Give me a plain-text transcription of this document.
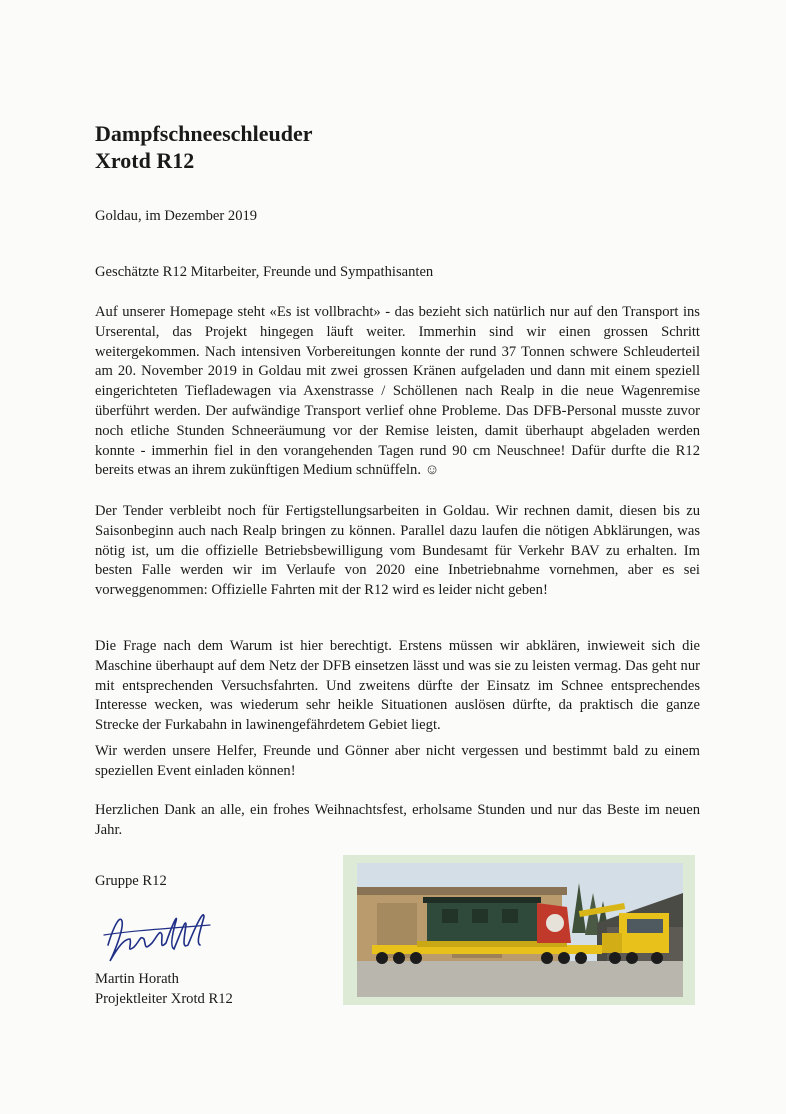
Dampfschneeschleuder
Xrotd R12

Goldau, im Dezember 2019

Geschätzte R12 Mitarbeiter, Freunde und Sympathisanten

Auf unserer Homepage steht «Es ist vollbracht» - das bezieht sich natürlich nur auf den Transport ins Urserental, das Projekt hingegen läuft weiter. Immerhin sind wir einen grossen Schritt weitergekommen. Nach intensiven Vorbereitungen konnte der rund 37 Tonnen schwere Schleuderteil am 20. November 2019 in Goldau mit zwei grossen Kränen aufgeladen und dann mit einem speziell eingerichteten Tiefladewagen via Axenstrasse / Schöllenen nach Realp in die neue Wagenremise überführt werden. Der aufwändige Transport verlief ohne Probleme. Das DFB-Personal musste zuvor noch etliche Stunden Schneeräumung vor der Remise leisten, damit überhaupt abgeladen werden konnte - immerhin fiel in den vorangehenden Tagen rund 90 cm Neuschnee! Dafür durfte die R12 bereits etwas an ihrem zukünftigen Medium schnüffeln. ☺

Der Tender verbleibt noch für Fertigstellungsarbeiten in Goldau. Wir rechnen damit, diesen bis zu Saisonbeginn auch nach Realp bringen zu können. Parallel dazu laufen die nötigen Abklärungen, was nötig ist, um die offizielle Betriebsbewilligung vom Bundesamt für Verkehr BAV zu erhalten. Im besten Falle werden wir im Verlaufe von 2020 eine Inbetriebnahme vornehmen, aber es sei vorweggenommen: Offizielle Fahrten mit der R12 wird es leider nicht geben!

Die Frage nach dem Warum ist hier berechtigt. Erstens müssen wir abklären, inwieweit sich die Maschine überhaupt auf dem Netz der DFB einsetzen lässt und was sie zu leisten vermag. Das geht nur mit entsprechenden Versuchsfahrten. Und zweitens dürfte der Einsatz im Schnee entsprechendes Interesse wecken, was wiederum sehr heikle Situationen auslösen dürfte, da praktisch die ganze Strecke der Furkabahn in lawinengefährdetem Gebiet liegt.

Wir werden unsere Helfer, Freunde und Gönner aber nicht vergessen und bestimmt bald zu einem speziellen Event einladen können!

Herzlichen Dank an alle, ein frohes Weihnachtsfest, erholsame Stunden und nur das Beste im neuen Jahr.

Gruppe R12
Martin Horath
Projektleiter Xrotd R12
